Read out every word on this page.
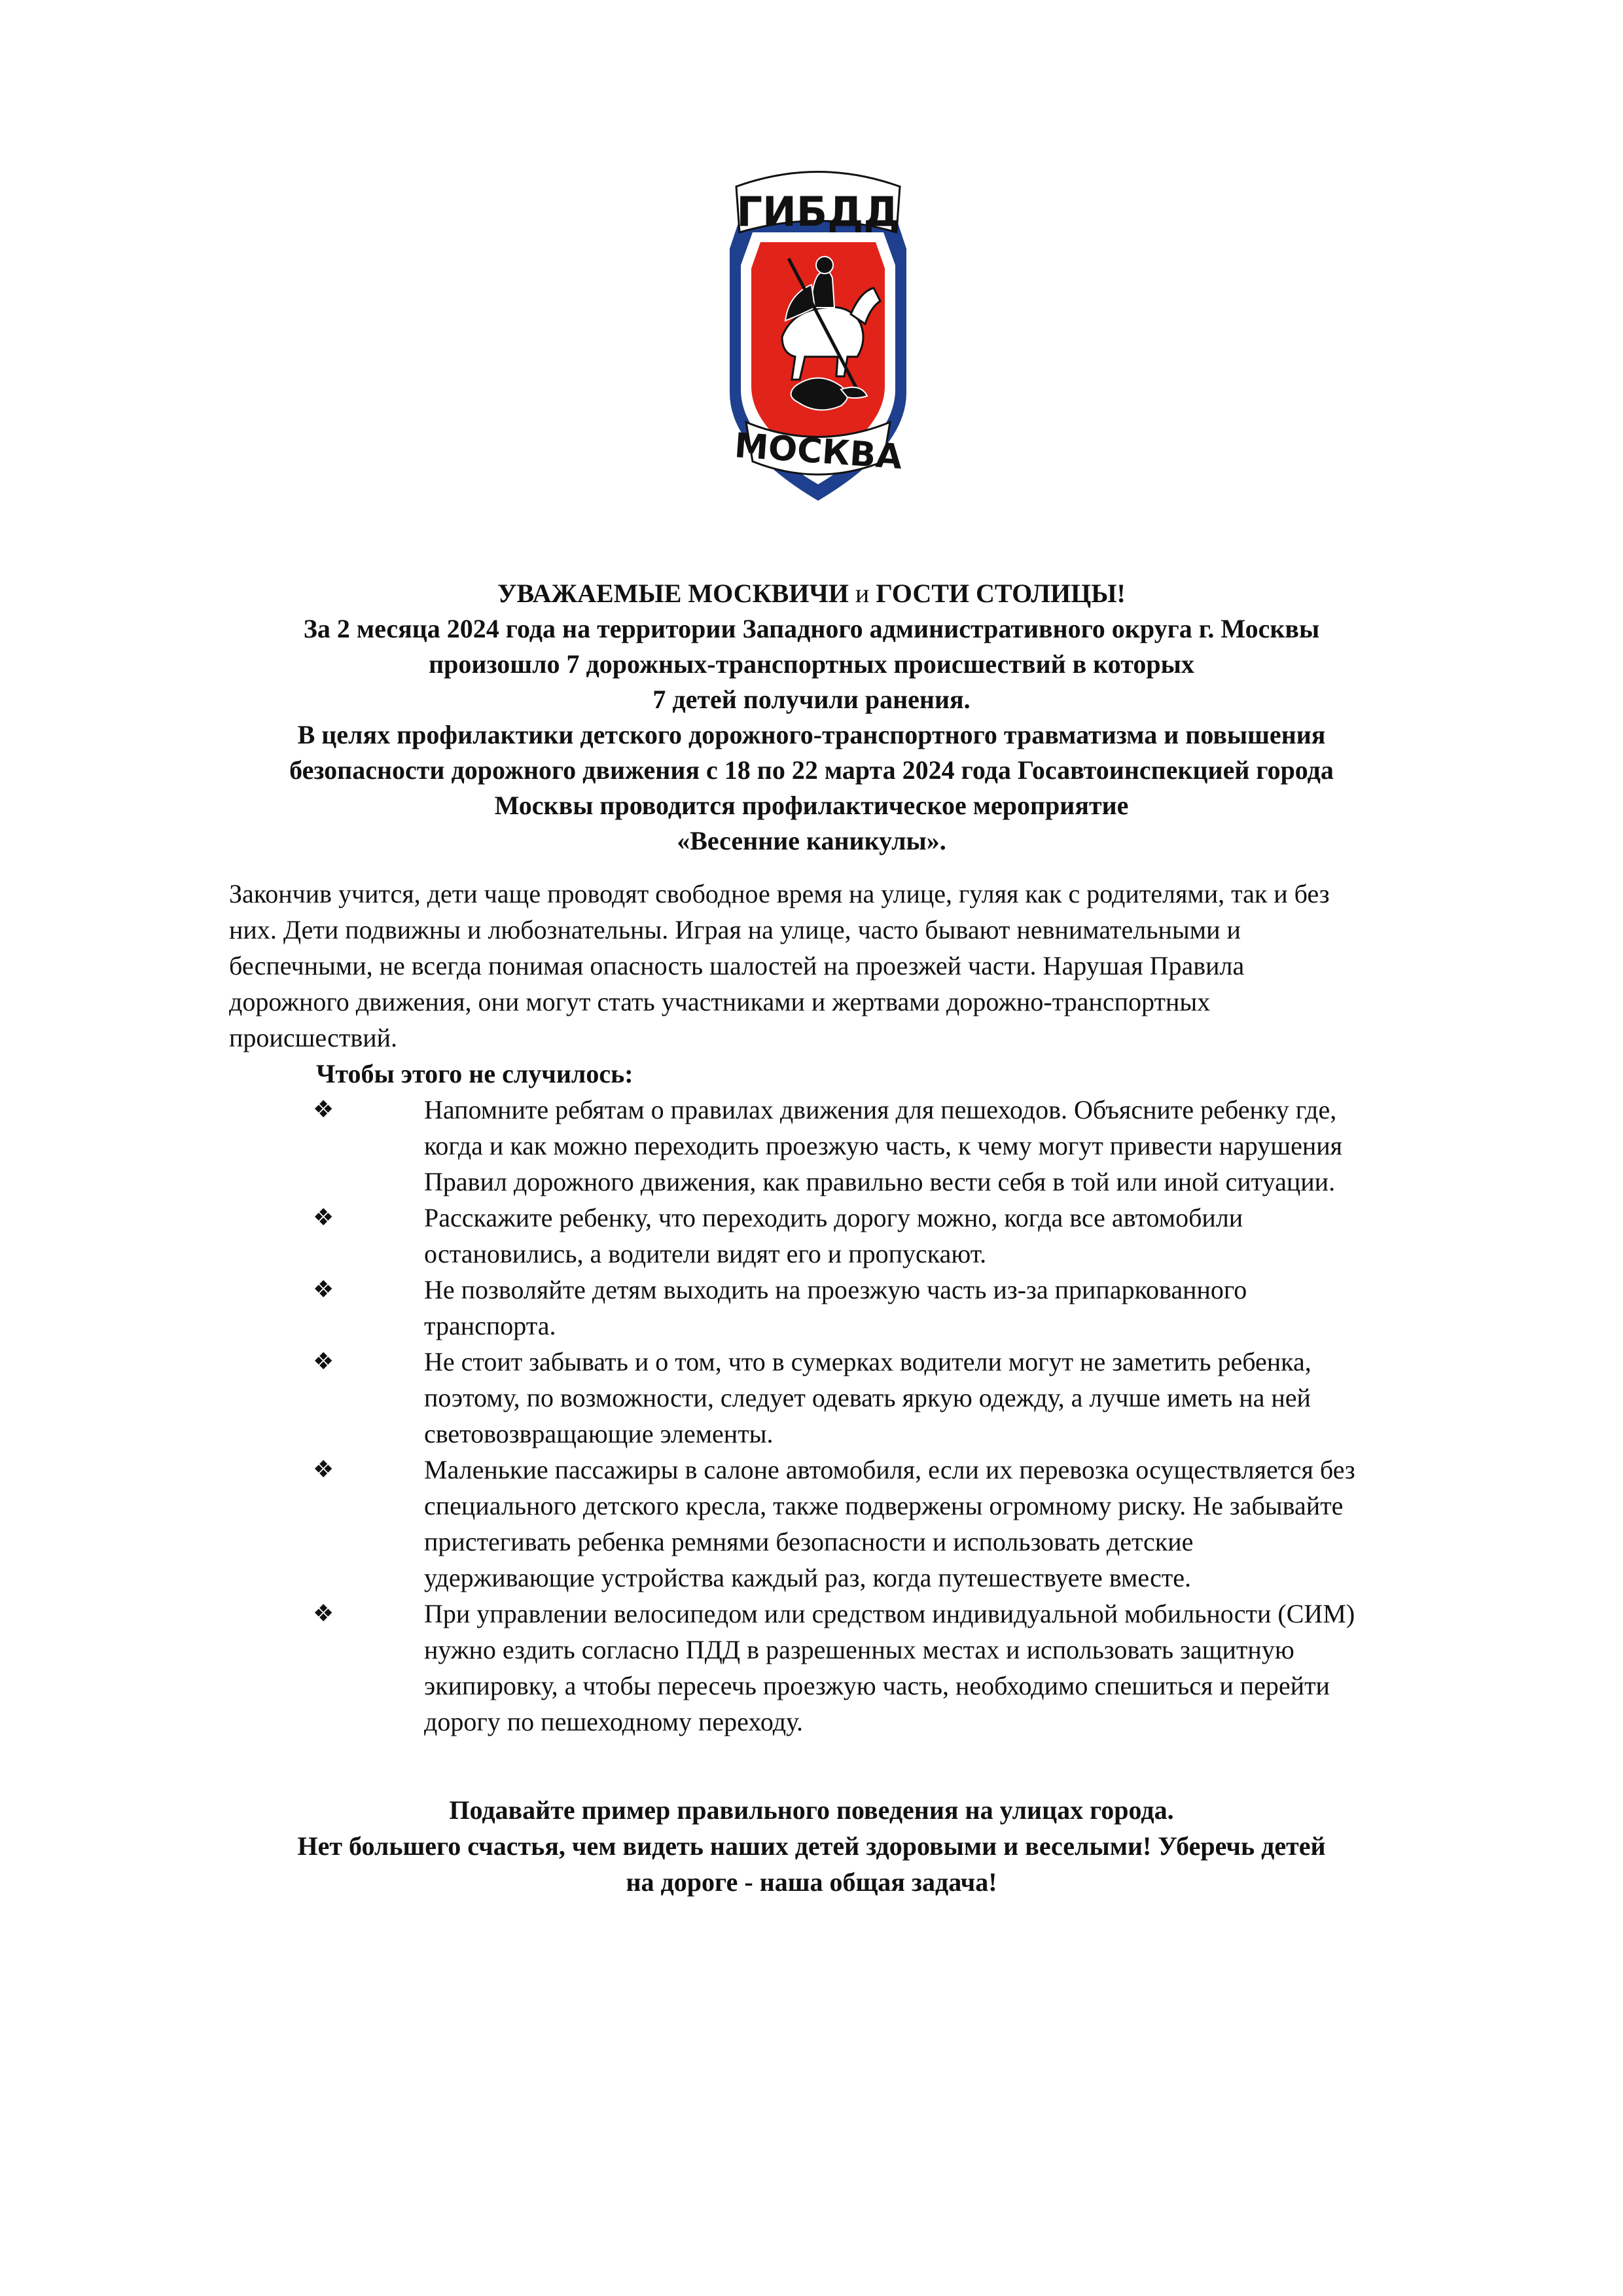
ГИБДД
МОСКВА
УВАЖАЕМЫЕ МОСКВИЧИ и ГОСТИ СТОЛИЦЫ!
За 2 месяца 2024 года на территории Западного административного округа г. Москвы
произошло 7 дорожных-транспортных происшествий в которых
7 детей получили ранения.
В целях профилактики детского дорожного-транспортного травматизма и повышения
безопасности дорожного движения с 18 по 22 марта 2024 года Госавтоинспекцией города
Москвы проводится профилактическое мероприятие
«Весенние каникулы».
Закончив учится, дети чаще проводят свободное время на улице, гуляя как с родителями, так и без
них. Дети подвижны и любознательны. Играя на улице, часто бывают невнимательными и
беспечными, не всегда понимая опасность шалостей на проезжей части. Нарушая Правила
дорожного движения, они могут стать участниками и жертвами дорожно-транспортных
происшествий.
Чтобы этого не случилось:
❖	Напомните ребятам о правилах движения для пешеходов. Объясните ребенку где,
когда и как можно переходить проезжую часть, к чему могут привести нарушения
Правил дорожного движения, как правильно вести себя в той или иной ситуации.
❖	Расскажите ребенку, что переходить дорогу можно, когда все автомобили
остановились, а водители видят его и пропускают.
❖	Не позволяйте детям выходить на проезжую часть из-за припаркованного
транспорта.
❖	Не стоит забывать и о том, что в сумерках водители могут не заметить ребенка,
поэтому, по возможности, следует одевать яркую одежду, а лучше иметь на ней
световозвращающие элементы.
❖	Маленькие пассажиры в салоне автомобиля, если их перевозка осуществляется без
специального детского кресла, также подвержены огромному риску. Не забывайте
пристегивать ребенка ремнями безопасности и использовать детские
удерживающие устройства каждый раз, когда путешествуете вместе.
❖	При управлении велосипедом или средством индивидуальной мобильности (СИМ)
нужно ездить согласно ПДД в разрешенных местах и использовать защитную
экипировку, а чтобы пересечь проезжую часть, необходимо спешиться и перейти
дорогу по пешеходному переходу.
Подавайте пример правильного поведения на улицах города.
Нет большего счастья, чем видеть наших детей здоровыми и веселыми! Уберечь детей
на дороге - наша общая задача!
